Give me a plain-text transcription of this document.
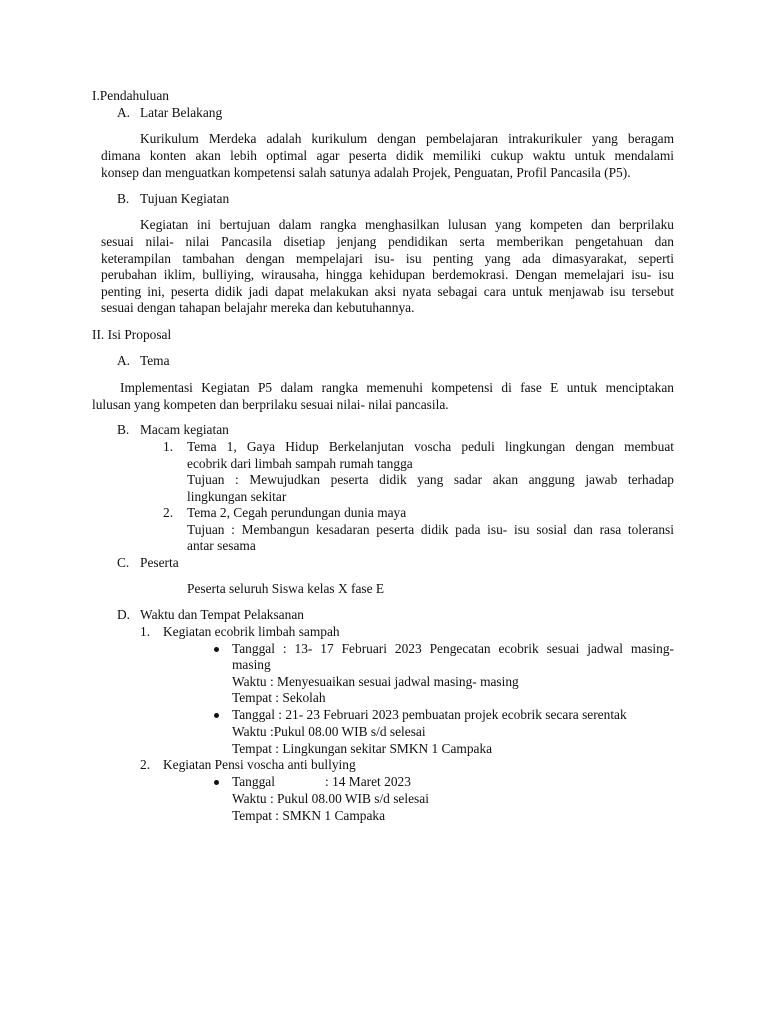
I.Pendahuluan
A. Latar Belakang
Kurikulum Merdeka adalah kurikulum dengan pembelajaran intrakurikuler yang beragam
dimana konten akan lebih optimal agar peserta didik memiliki cukup waktu untuk mendalami
konsep dan menguatkan kompetensi salah satunya adalah Projek, Penguatan, Profil Pancasila (P5).
B. Tujuan Kegiatan
Kegiatan ini bertujuan dalam rangka menghasilkan lulusan yang kompeten dan berprilaku
sesuai nilai- nilai Pancasila disetiap jenjang pendidikan serta memberikan pengetahuan dan
keterampilan tambahan dengan mempelajari isu- isu penting yang ada dimasyarakat, seperti
perubahan iklim, bulliying, wirausaha, hingga kehidupan berdemokrasi. Dengan memelajari isu- isu
penting ini, peserta didik jadi dapat melakukan aksi nyata sebagai cara untuk menjawab isu tersebut
sesuai dengan tahapan belajahr mereka dan kebutuhannya.
II. Isi Proposal
A. Tema
Implementasi Kegiatan P5 dalam rangka memenuhi kompetensi di fase E untuk menciptakan
lulusan yang kompeten dan berprilaku sesuai nilai- nilai pancasila.
B. Macam kegiatan
1. Tema 1, Gaya Hidup Berkelanjutan voscha peduli lingkungan dengan membuat
ecobrik dari limbah sampah rumah tangga
Tujuan : Mewujudkan peserta didik yang sadar akan anggung jawab terhadap
lingkungan sekitar
2. Tema 2, Cegah perundungan dunia maya
Tujuan : Membangun kesadaran peserta didik pada isu- isu sosial dan rasa toleransi
antar sesama
C. Peserta
Peserta seluruh Siswa kelas X fase E
D. Waktu dan Tempat Pelaksanan
1. Kegiatan ecobrik limbah sampah
Tanggal : 13- 17 Februari 2023 Pengecatan ecobrik sesuai jadwal masing-
masing
Waktu : Menyesuaikan sesuai jadwal masing- masing
Tempat : Sekolah
Tanggal : 21- 23 Februari 2023 pembuatan projek ecobrik secara serentak
Waktu :Pukul 08.00 WIB s/d selesai
Tempat : Lingkungan sekitar SMKN 1 Campaka
2. Kegiatan Pensi voscha anti bullying
Tanggal	: 14 Maret 2023
Waktu : Pukul 08.00 WIB s/d selesai
Tempat : SMKN 1 Campaka
